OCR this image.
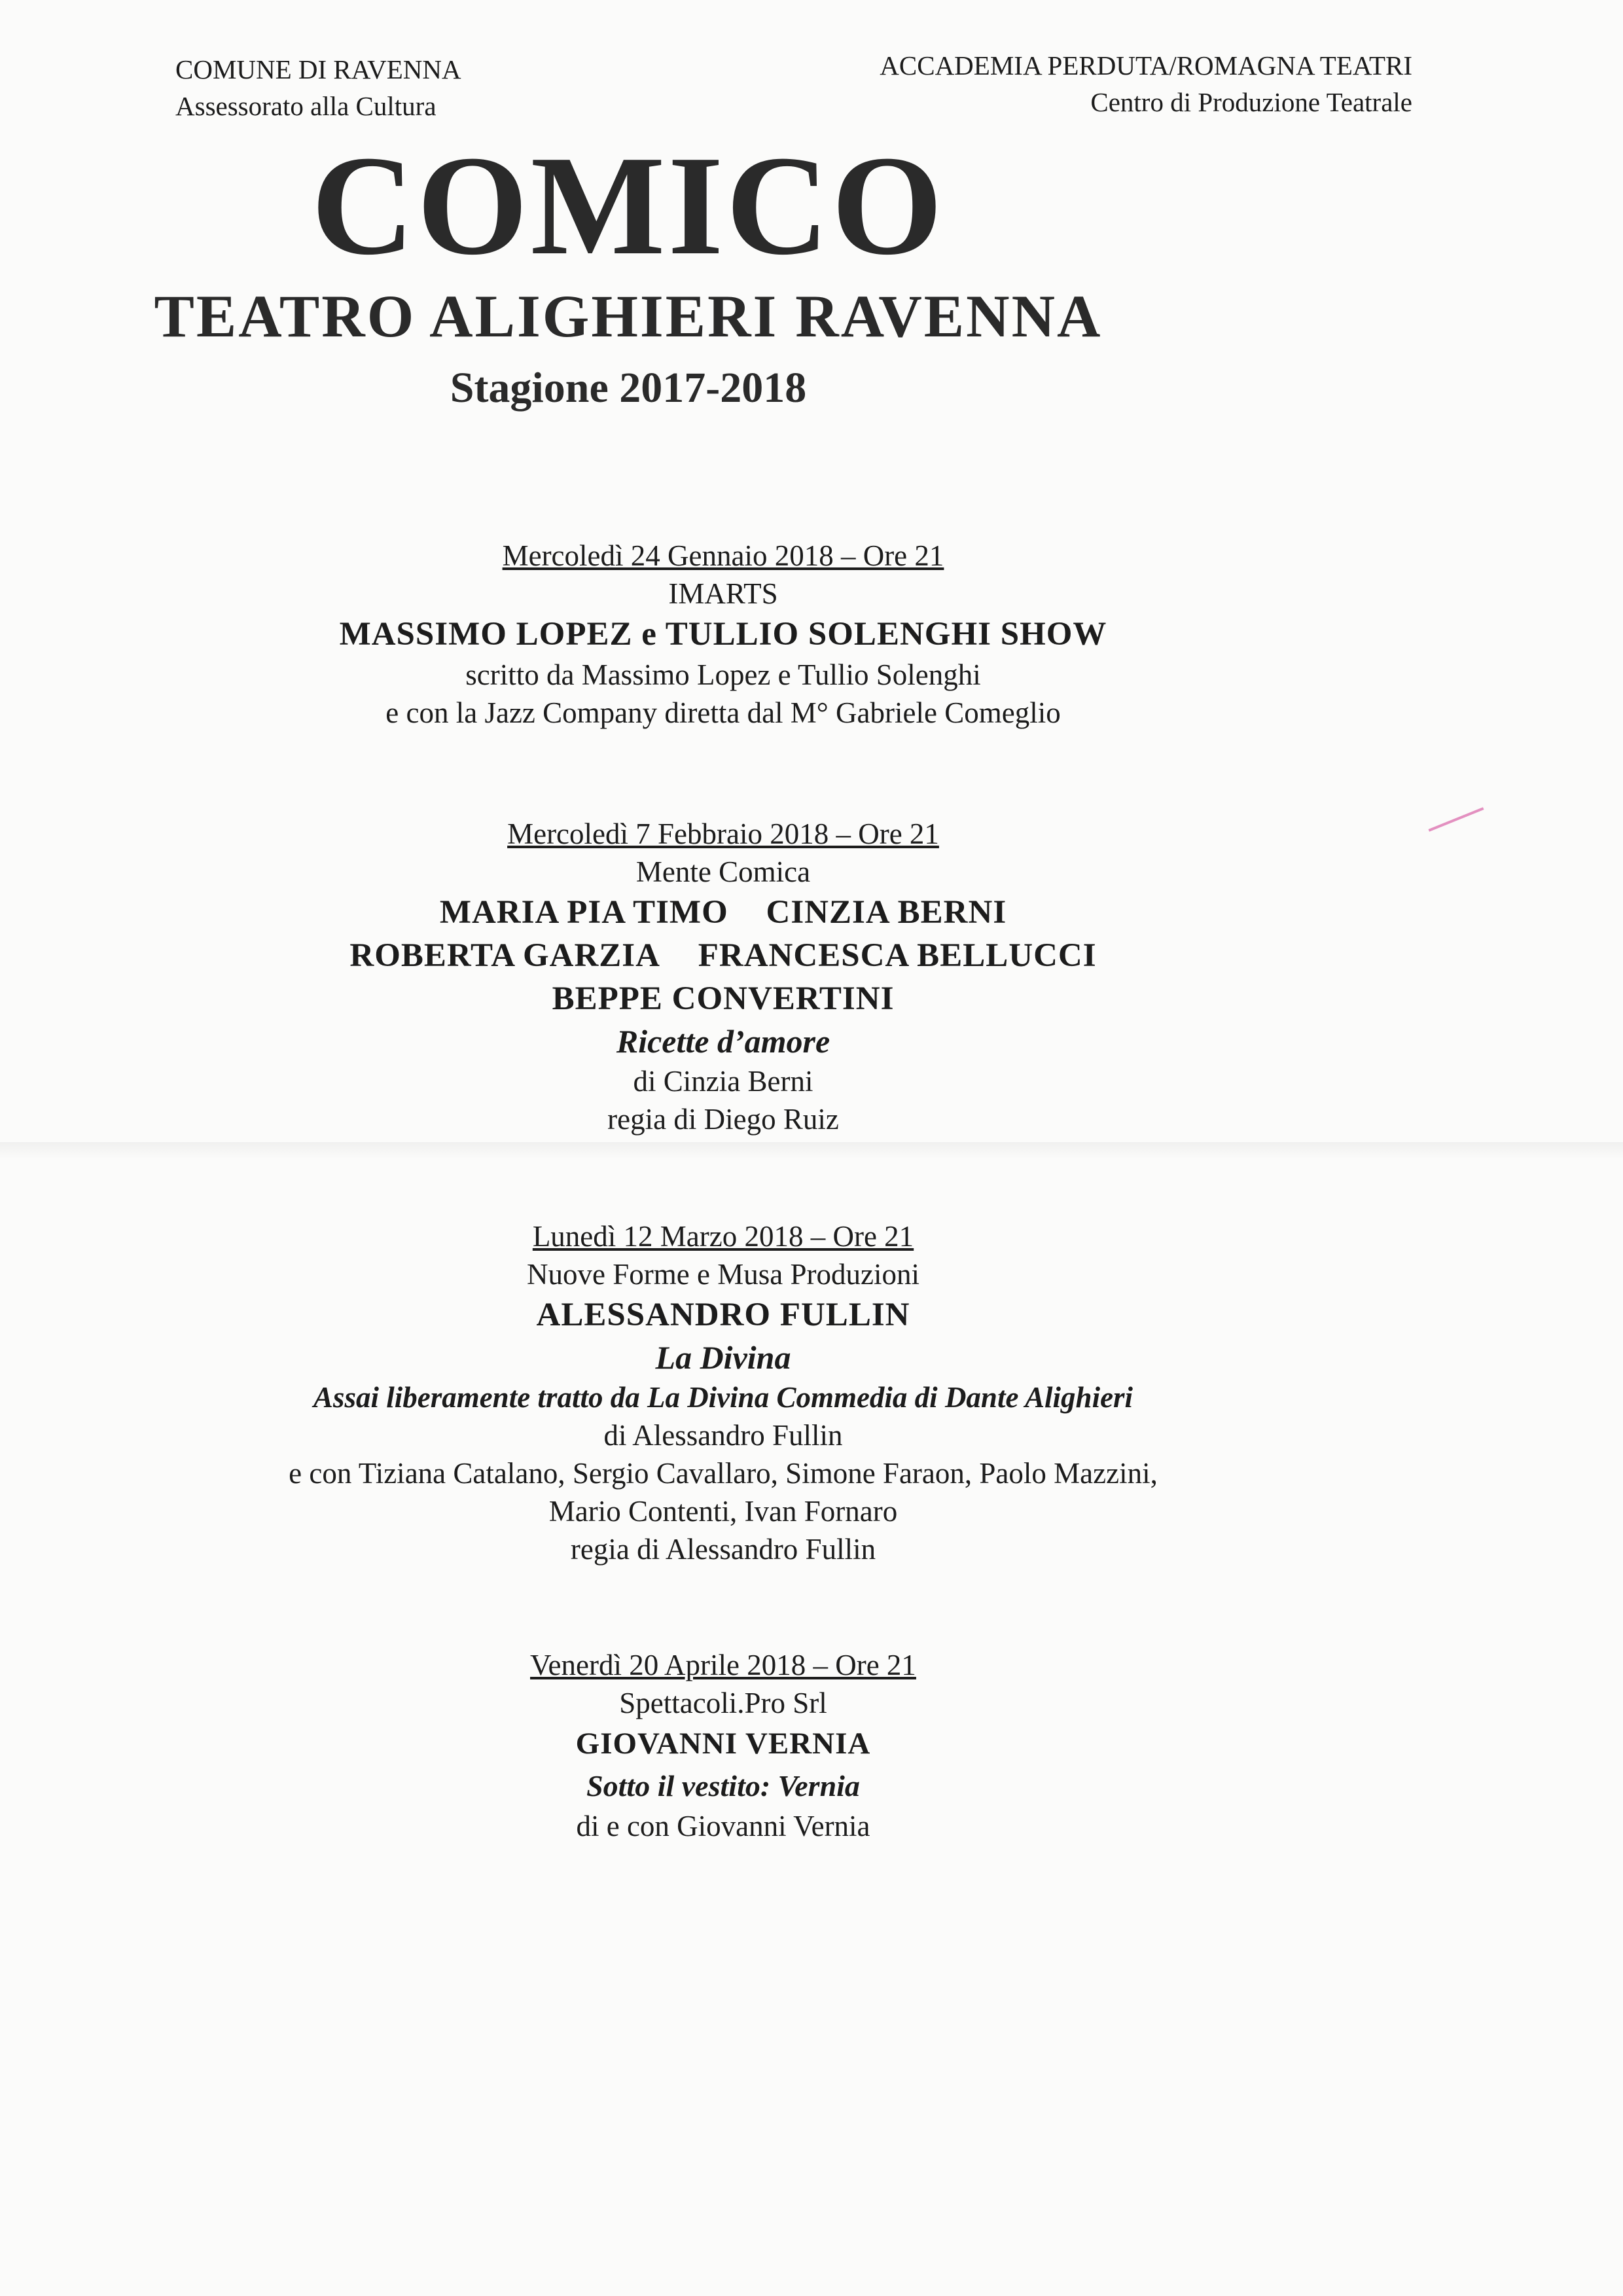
COMUNE DI RAVENNA
Assessorato alla Cultura
ACCADEMIA PERDUTA/ROMAGNA TEATRI
Centro di Produzione Teatrale
COMICO
TEATRO ALIGHIERI RAVENNA
Stagione 2017-2018
Mercoledì 24 Gennaio 2018 – Ore 21
IMARTS
MASSIMO LOPEZ e TULLIO SOLENGHI SHOW
scritto da Massimo Lopez e Tullio Solenghi
e con la Jazz Company diretta dal M° Gabriele Comeglio
Mercoledì 7 Febbraio 2018 – Ore 21
Mente Comica
MARIA PIA TIMO CINZIA BERNI
ROBERTA GARZIA FRANCESCA BELLUCCI
BEPPE CONVERTINI
Ricette d’amore
di Cinzia Berni
regia di Diego Ruiz
Lunedì 12 Marzo 2018 – Ore 21
Nuove Forme e Musa Produzioni
ALESSANDRO FULLIN
La Divina
Assai liberamente tratto da La Divina Commedia di Dante Alighieri
di Alessandro Fullin
e con Tiziana Catalano, Sergio Cavallaro, Simone Faraon, Paolo Mazzini,
Mario Contenti, Ivan Fornaro
regia di Alessandro Fullin
Venerdì 20 Aprile 2018 – Ore 21
Spettacoli.Pro Srl
GIOVANNI VERNIA
Sotto il vestito: Vernia
di e con Giovanni Vernia
